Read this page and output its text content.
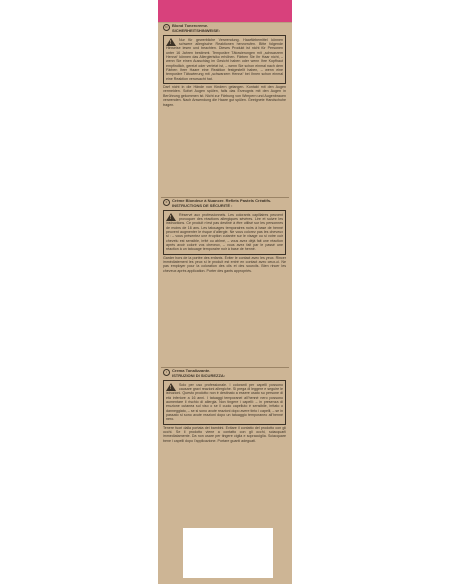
D	Blond Tonercreme.
SICHERHEITSHINWEISE:
!
Nur für gewerbliche Verwendung. Haarfärbemittel können schwere allergische Reaktionen hervorrufen. Bitte folgende Hinweise lesen und beachten. Dieses Produkt ist nicht für Personen unter 16 Jahren bestimmt. Temporäre Tätowierungen mit „schwarzem Henna“ können das Allergierisiko erhöhen. Färben Sie Ihr Haar nicht, – wenn Sie einen Ausschlag im Gesicht haben oder wenn Ihre Kopfhaut empfindlich, gereizt oder verletzt ist, – wenn Sie schon einmal nach dem Färben Ihrer Haare eine Reaktion festgestellt haben, – wenn eine temporäre Tätowierung mit „schwarzem Henna“ bei Ihnen schon einmal eine Reaktion verursacht hat.
Darf nicht in die Hände von Kindern gelangen. Kontakt mit den Augen vermeiden. Sofort Augen spülen, falls das Erzeugnis mit den Augen in Berührung gekommen ist. Nicht zur Färbung von Wimpern und Augenbrauen verwenden. Nach Anwendung die Haare gut spülen. Geeignete Handschuhe tragen.
F	Crème Blondeur à Nuancer. Reflets Pastels Créatifs.
INSTRUCTIONS DE SÉCURITÉ :
!
Réservé aux professionnels. Les colorants capillaires peuvent provoquer des réactions allergiques sévères. Lire et suivre les instructions. Ce produit n’est pas destiné à être utilisé sur les personnes de moins de 16 ans. Les tatouages temporaires noirs à base de henné peuvent augmenter le risque d’allergie. Ne vous colorez pas les cheveux si : – vous présentez une éruption cutanée sur le visage ou si votre cuir chevelu est sensible, irrité ou abîmé, – vous avez déjà fait une réaction après avoir coloré vos cheveux, – vous avez fait par le passé une réaction à un tatouage temporaire noir à base de henné.
Garder hors de la portée des enfants. Éviter le contact avec les yeux. Rincer immédiatement les yeux si le produit est entré en contact avec ceux-ci. Ne pas employer pour la coloration des cils et des sourcils. Bien rincer les cheveux après application. Porter des gants appropriés.
I	Crema Tonalizzante.
ISTRUZIONI DI SICUREZZA:
!
Solo per uso professionale. I coloranti per capelli possono causare gravi reazioni allergiche. Si prega di leggere e seguire le istruzioni. Questo prodotto non è destinato a essere usato su persone di età inferiore a 16 anni. I tatuaggi temporanei all’henné nero possono aumentare il rischio di allergia. Non tingere i capelli: – in presenza di eruzione cutanea sul viso o se il cuoio capelluto è sensibile, irritato o danneggiato, – se si sono avute reazioni dopo avere tinto i capelli, – se in passato si sono avute reazioni dopo un tatuaggio temporaneo all’henné nero.
Tenere fuori dalla portata dei bambini. Evitare il contatto del prodotto con gli occhi. Se il prodotto viene a contatto con gli occhi, sciacquarli immediatamente. Da non usare per tingere ciglia e sopracciglia. Sciacquare bene i capelli dopo l’applicazione. Portare guanti adeguati.
